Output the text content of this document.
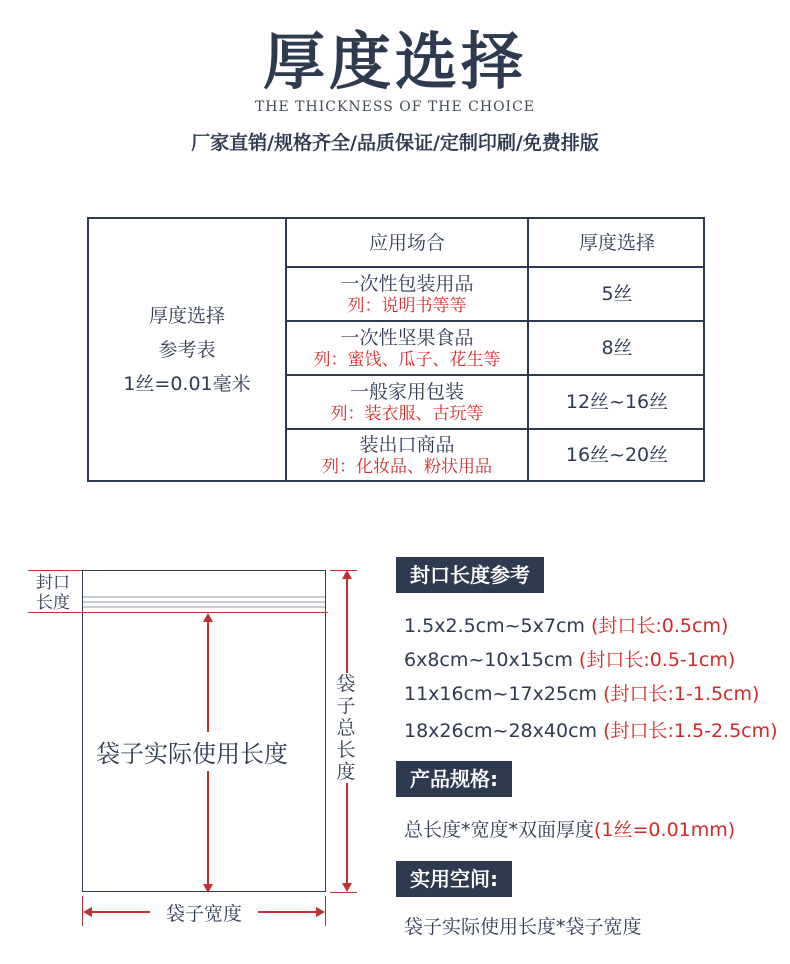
厚度选择
THE THICKNESS OF THE CHOICE
厂家直销/规格齐全/品质保证/定制印刷/免费排版
厚度选择
参考表
1丝=0.01毫米
应用场合	厚度选择
一次性包装用品
列：说明书等等
5丝
一次性坚果食品
列：蜜饯、瓜子、花生等
8丝
一般家用包装
列：装衣服、古玩等
12丝~16丝
装出口商品
列：化妆品、粉状用品
16丝~20丝
封口
长度
袋子实际使用长度
袋子总长度
袋子宽度
封口长度参考
1.5x2.5cm~5x7cm (封口长:0.5cm)
6x8cm~10x15cm (封口长:0.5-1cm)
11x16cm~17x25cm (封口长:1-1.5cm)
18x26cm~28x40cm (封口长:1.5-2.5cm)
产品规格:
总长度*宽度*双面厚度(1丝=0.01mm)
实用空间:
袋子实际使用长度*袋子宽度
